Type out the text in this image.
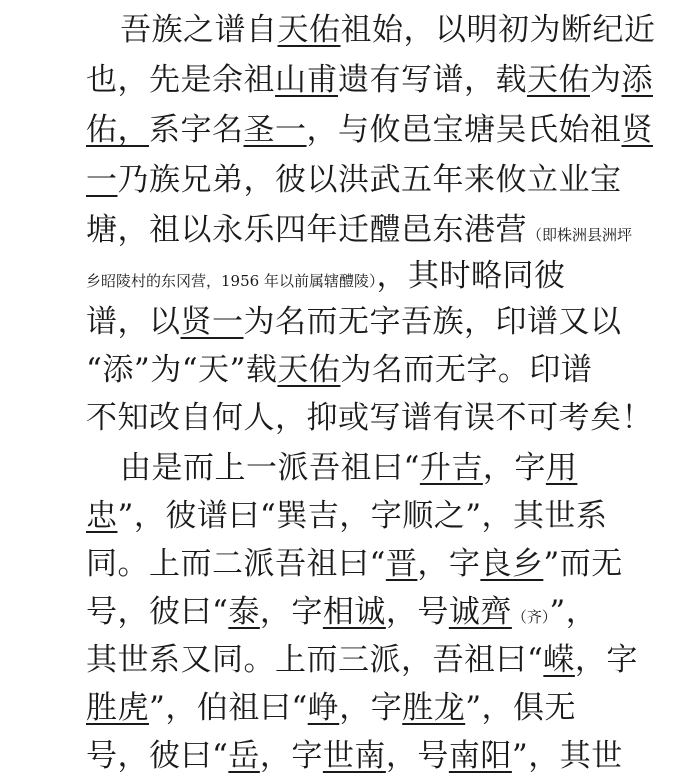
吾族之谱自天佑祖始，以明初为断纪近
也，先是余祖山甫遗有写谱，载天佑为添
佑，系字名圣一，与攸邑宝塘吴氏始祖贤
一乃族兄弟，彼以洪武五年来攸立业宝
塘，祖以永乐四年迁醴邑东港营（即株洲县洲坪
乡昭陵村的东冈营，1956 年以前属辖醴陵），其时略同彼
谱，以贤一为名而无字吾族，印谱又以
“添”为“天”载天佑为名而无字。印谱
不知改自何人，抑或写谱有误不可考矣！
由是而上一派吾祖曰“升吉，字用
忠”，彼谱曰“巽吉，字顺之”，其世系
同。上而二派吾祖曰“晋，字良乡”而无
号，彼曰“泰，字相诚，号诚齊（齐）”，
其世系又同。上而三派，吾祖曰“嵘，字
胜虎”，伯祖曰“峥，字胜龙”，俱无
号，彼曰“岳，字世南，号南阳”，其世
